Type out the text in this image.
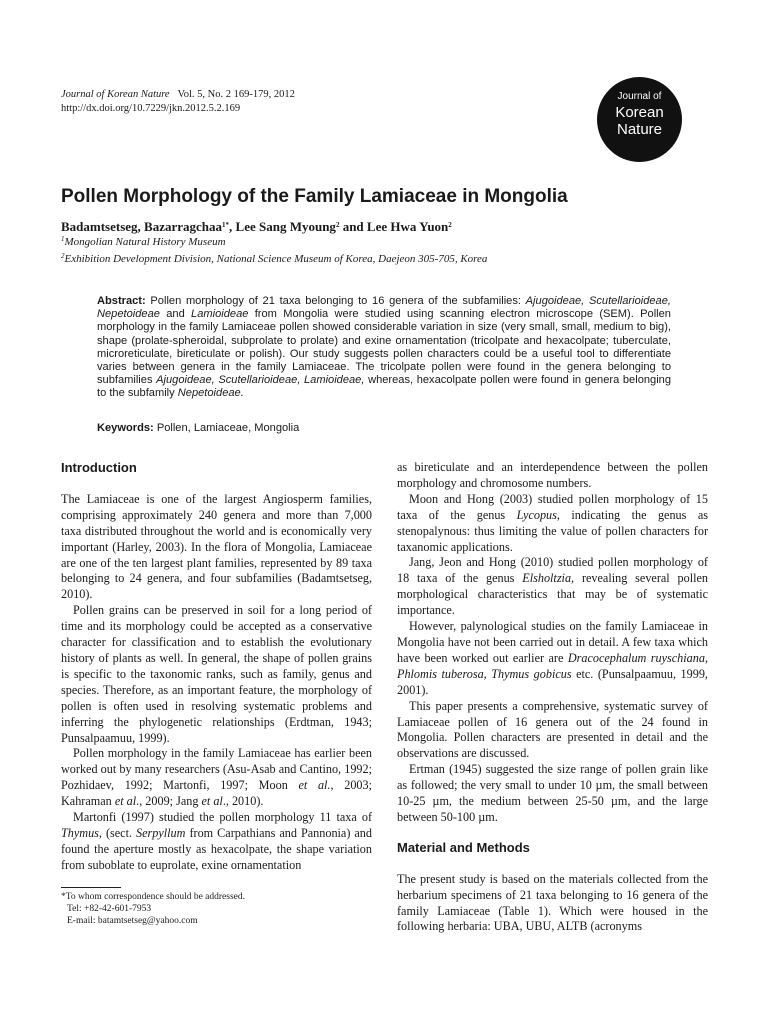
Journal of Korean Nature Vol. 5, No. 2 169-179, 2012
http://dx.doi.org/10.7229/jkn.2012.5.2.169
Journal of
Korean
Nature
Pollen Morphology of the Family Lamiaceae in Mongolia
Badamtsetseg, Bazarragchaa$^{1*}$, Lee Sang Myoung$^2$ and Lee Hwa Yuon$^2$
$^1$Mongolian Natural History Museum
$^2$Exhibition Development Division, National Science Museum of Korea, Daejeon 305-705, Korea
Abstract: Pollen morphology of 21 taxa belonging to 16 genera of the subfamilies: Ajugoideae, Scutellarioideae, Nepetoideae and Lamioideae from Mongolia were studied using scanning electron microscope (SEM). Pollen morphology in the family Lamiaceae pollen showed considerable variation in size (very small, small, medium to big), shape (prolate-spheroidal, subprolate to prolate) and exine ornamentation (tricolpate and hexacolpate; tuberculate, microreticulate, bireticulate or polish). Our study suggests pollen characters could be a useful tool to differentiate varies between genera in the family Lamiaceae. The tricolpate pollen were found in the genera belonging to subfamilies Ajugoideae, Scutellarioideae, Lamioideae, whereas, hexacolpate pollen were found in genera belonging to the subfamily Nepetoideae.
Keywords: Pollen, Lamiaceae, Mongolia
Introduction

The Lamiaceae is one of the largest Angiosperm families, comprising approximately 240 genera and more than 7,000 taxa distributed throughout the world and is economically very important (Harley, 2003). In the flora of Mongolia, Lamiaceae are one of the ten largest plant families, represented by 89 taxa belonging to 24 genera, and four subfamilies (Badamtsetseg, 2010).

Pollen grains can be preserved in soil for a long period of time and its morphology could be accepted as a conservative character for classification and to establish the evolutionary history of plants as well. In general, the shape of pollen grains is specific to the taxonomic ranks, such as family, genus and species. Therefore, as an important feature, the morphology of pollen is often used in resolving systematic problems and inferring the phylogenetic relationships (Erdtman, 1943; Punsalpaamuu, 1999).

Pollen morphology in the family Lamiaceae has earlier been worked out by many researchers (Asu-Asab and Cantino, 1992; Pozhidaev, 1992; Martonfi, 1997; Moon et al., 2003; Kahraman et al., 2009; Jang et al., 2010).

Martonfi (1997) studied the pollen morphology 11 taxa of Thymus, (sect. Serpyllum from Carpathians and Pannonia) and found the aperture mostly as hexacolpate, the shape variation from suboblate to euprolate, exine ornamentation

as bireticulate and an interdependence between the pollen morphology and chromosome numbers.

Moon and Hong (2003) studied pollen morphology of 15 taxa of the genus Lycopus, indicating the genus as stenopalynous: thus limiting the value of pollen characters for taxanomic applications.

Jang, Jeon and Hong (2010) studied pollen morphology of 18 taxa of the genus Elsholtzia, revealing several pollen morphological characteristics that may be of systematic importance.

However, palynological studies on the family Lamiaceae in Mongolia have not been carried out in detail. A few taxa which have been worked out earlier are Dracocephalum ruyschiana, Phlomis tuberosa, Thymus gobicus etc. (Punsalpaamuu, 1999, 2001).

This paper presents a comprehensive, systematic survey of Lamiaceae pollen of 16 genera out of the 24 found in Mongolia. Pollen characters are presented in detail and the observations are discussed.

Ertman (1945) suggested the size range of pollen grain like as followed; the very small to under 10 µm, the small between 10-25 µm, the medium between 25-50 µm, and the large between 50-100 µm.

Material and Methods

The present study is based on the materials collected from the herbarium specimens of 21 taxa belonging to 16 genera of the family Lamiaceae (Table 1). Which were housed in the following herbaria: UBA, UBU, ALTB (acronyms

*To whom correspondence should be addressed.
Tel: +82-42-601-7953
E-mail: batamtsetseg@yahoo.com
